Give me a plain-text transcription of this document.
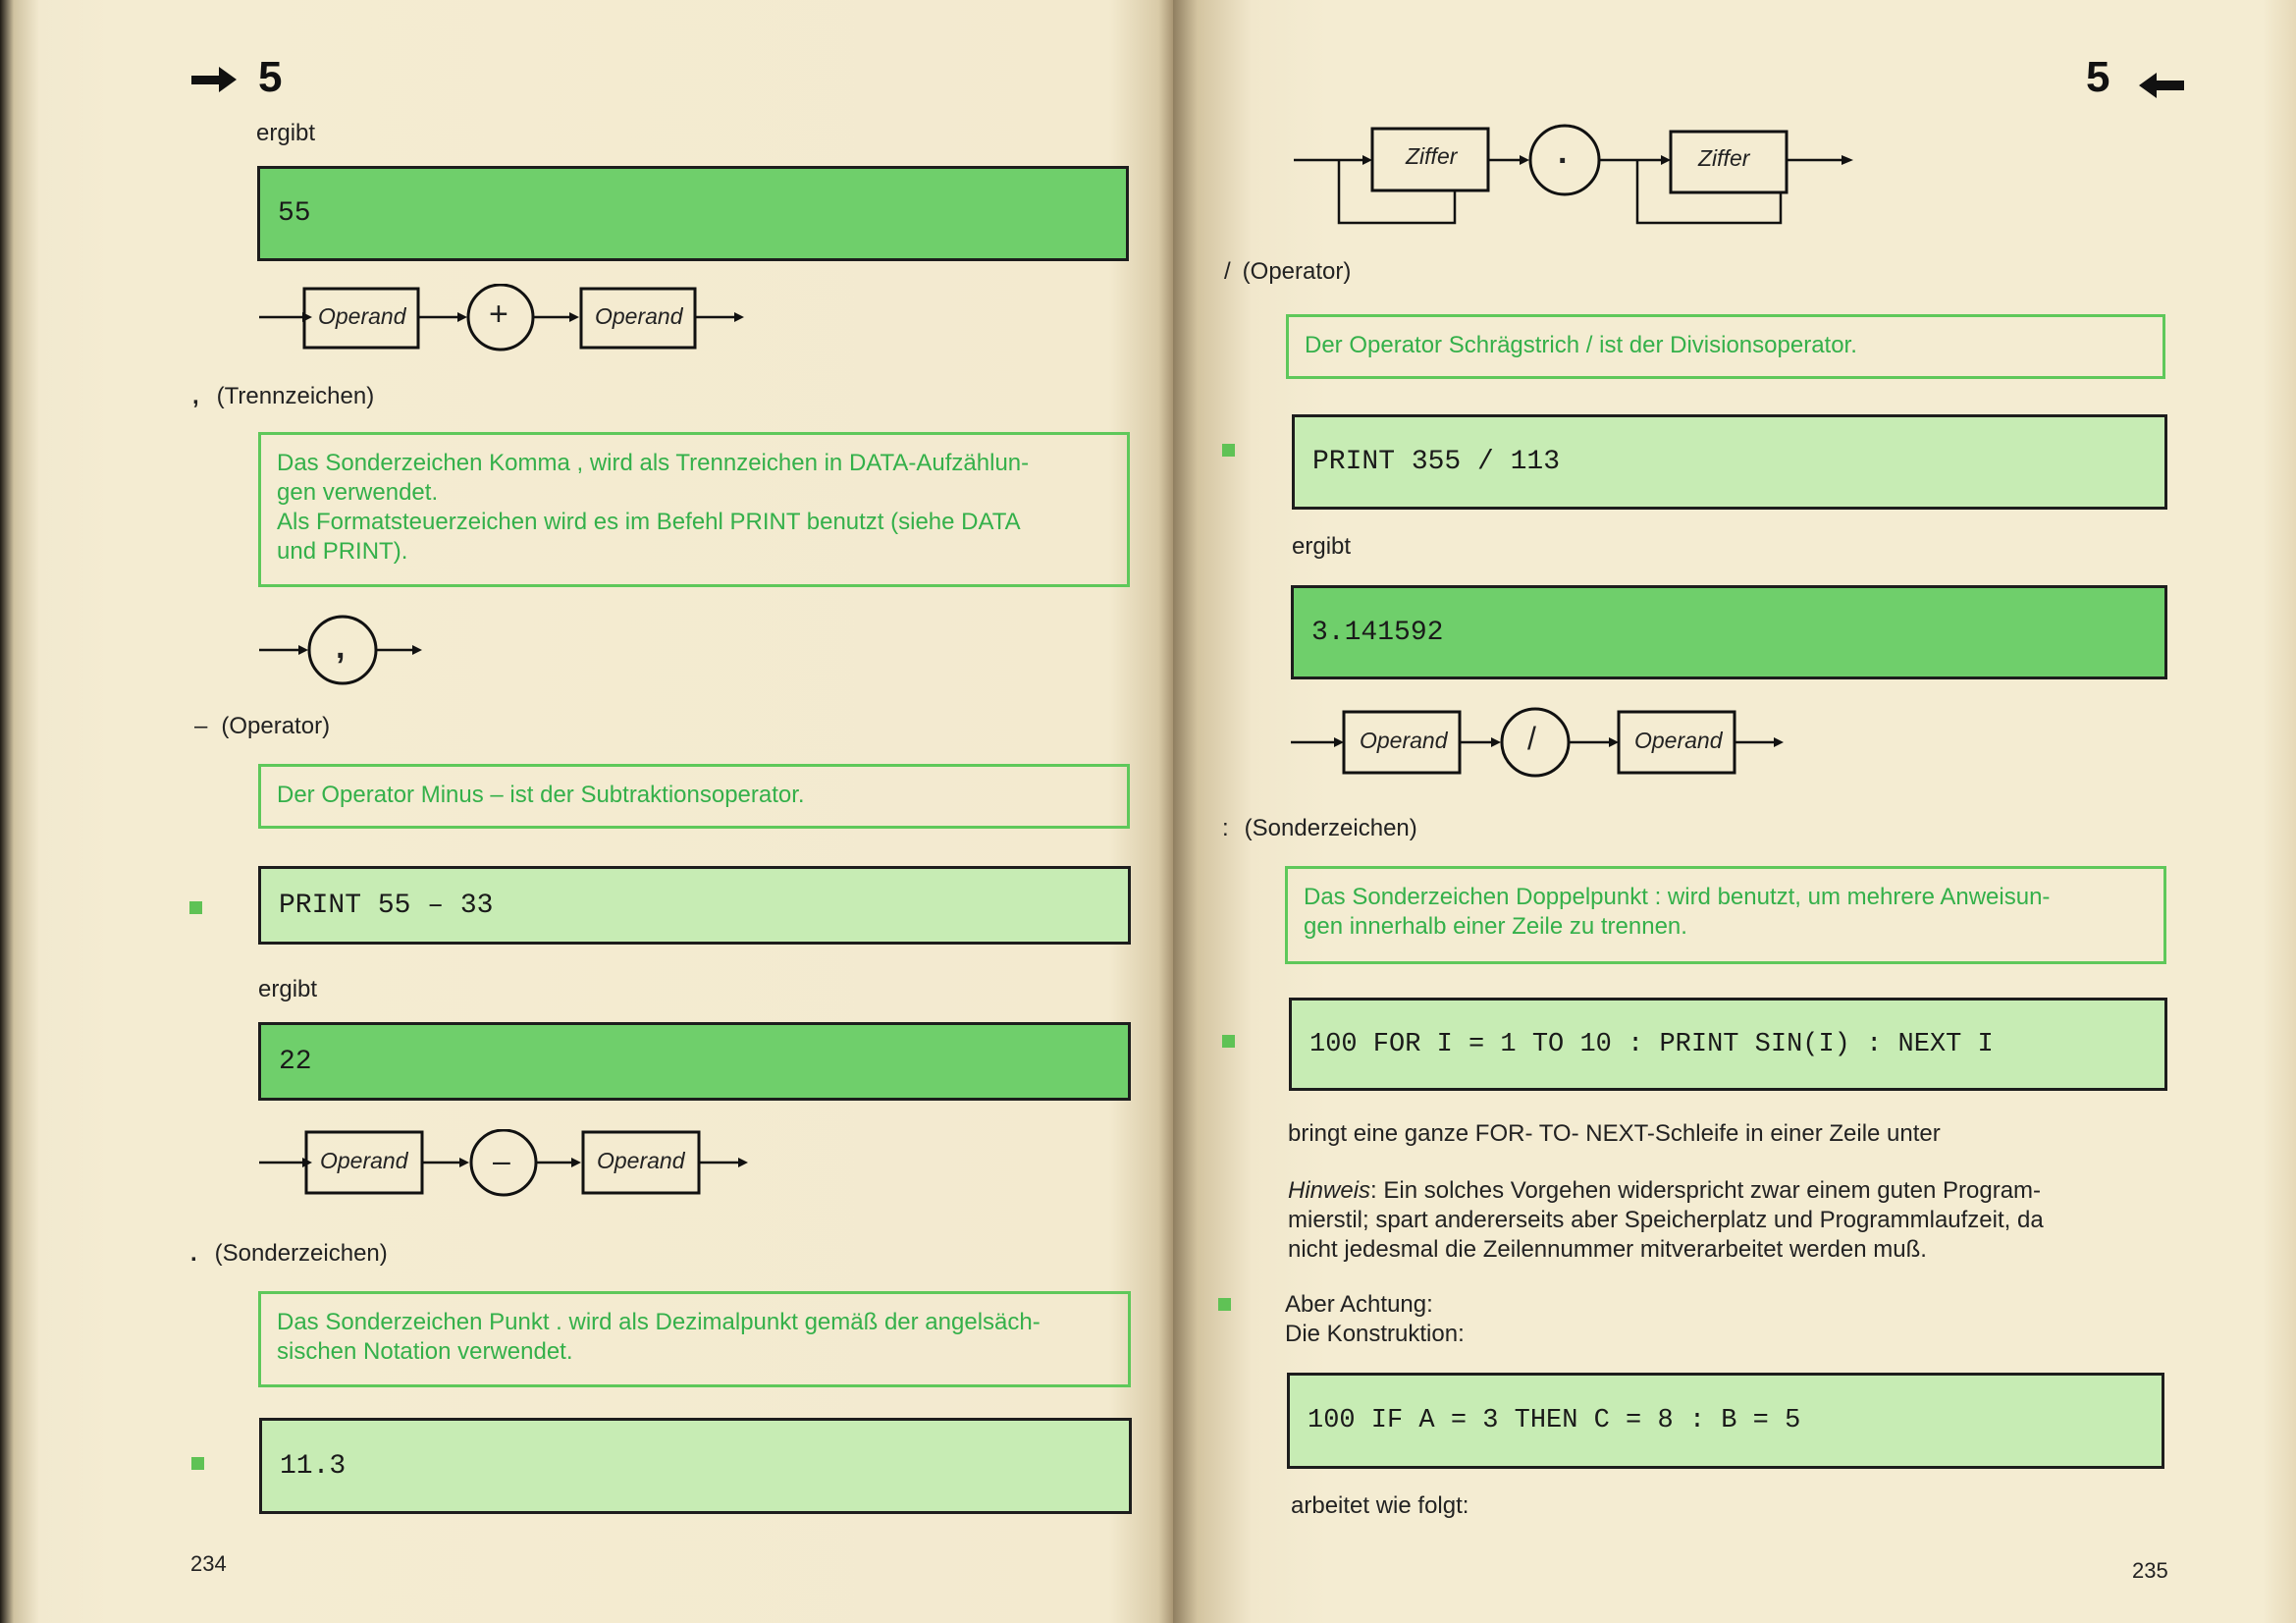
5
ergibt
55
Operand +	Operand
, (Trennzeichen)
Das Sonderzeichen Komma , wird als Trennzeichen in DATA-Aufzählun-
gen verwendet.
Als Formatsteuerzeichen wird es im Befehl PRINT benutzt (siehe DATA
und PRINT).
,
– (Operator)
Der Operator Minus – ist der Subtraktionsoperator.
PRINT 55 – 33
ergibt
22
Operand	–	Operand
. (Sonderzeichen)
Das Sonderzeichen Punkt . wird als Dezimalpunkt gemäß der angelsäch-
sischen Notation verwendet.
11.3
234
5
Ziffer	.	Ziffer
/ (Operator)
Der Operator Schrägstrich / ist der Divisionsoperator.
PRINT 355 / 113
ergibt
3.141592
Operand	/	Operand
: (Sonderzeichen)
Das Sonderzeichen Doppelpunkt : wird benutzt, um mehrere Anweisun-
gen innerhalb einer Zeile zu trennen.
100 FOR I = 1 TO 10 : PRINT SIN(I) : NEXT I
bringt eine ganze FOR- TO- NEXT-Schleife in einer Zeile unter
Hinweis: Ein solches Vorgehen widerspricht zwar einem guten Program-
mierstil; spart andererseits aber Speicherplatz und Programmlaufzeit, da
nicht jedesmal die Zeilennummer mitverarbeitet werden muß.
Aber Achtung:
Die Konstruktion:
100 IF A = 3 THEN C = 8 : B = 5
arbeitet wie folgt:
235
